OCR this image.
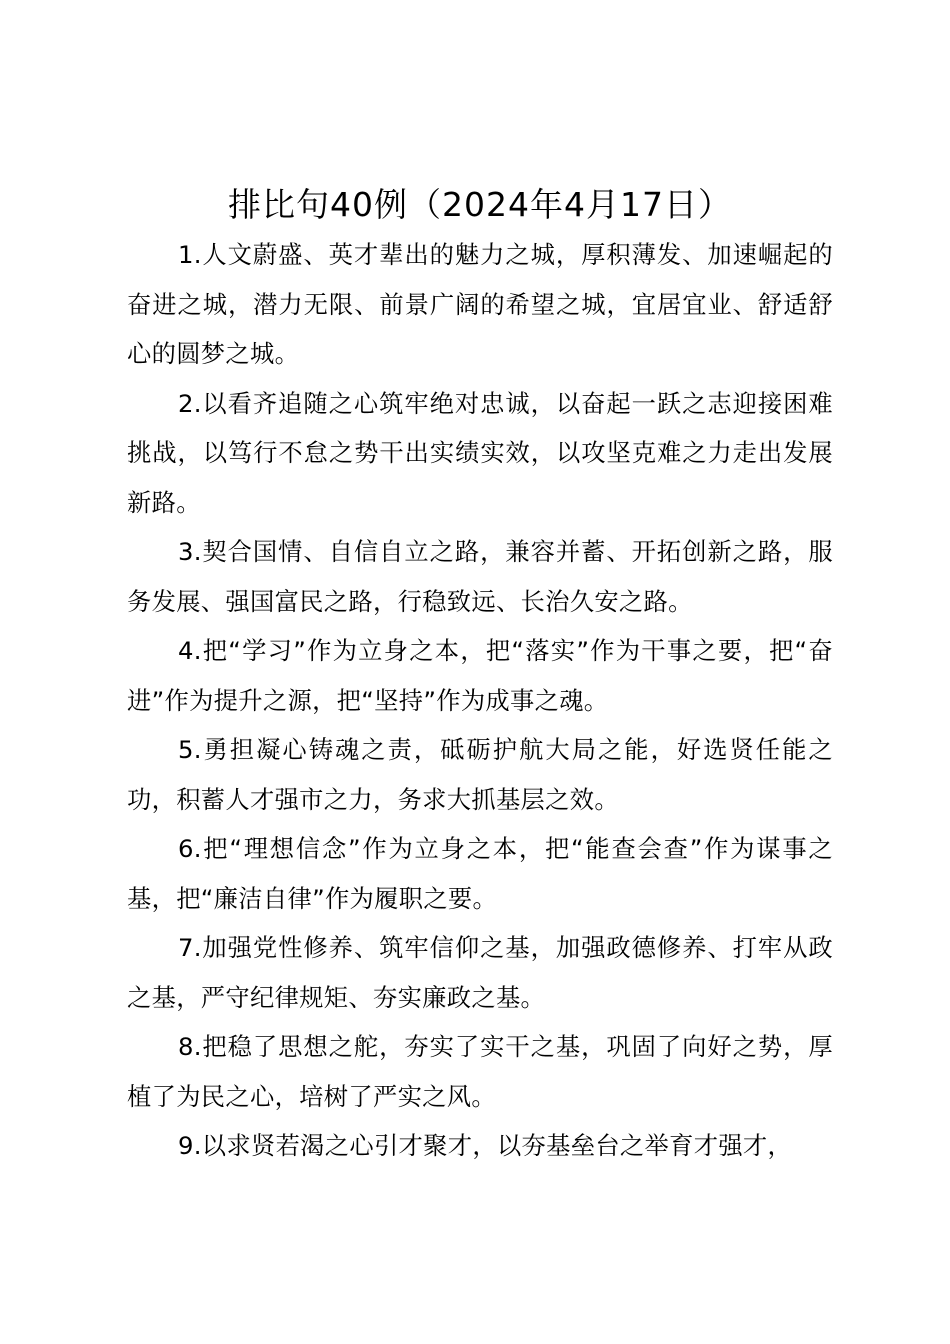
排比句40例（2024年4月17日）

1.人文蔚盛、英才辈出的魅力之城，厚积薄发、加速崛起的奋进之城，潜力无限、前景广阔的希望之城，宜居宜业、舒适舒心的圆梦之城。

2.以看齐追随之心筑牢绝对忠诚，以奋起一跃之志迎接困难挑战，以笃行不怠之势干出实绩实效，以攻坚克难之力走出发展新路。

3.契合国情、自信自立之路，兼容并蓄、开拓创新之路，服务发展、强国富民之路，行稳致远、长治久安之路。

4.把“学习”作为立身之本，把“落实”作为干事之要，把“奋进”作为提升之源，把“坚持”作为成事之魂。

5.勇担凝心铸魂之责，砥砺护航大局之能，好选贤任能之功，积蓄人才强市之力，务求大抓基层之效。

6.把“理想信念”作为立身之本，把“能查会查”作为谋事之基，把“廉洁自律”作为履职之要。

7.加强党性修养、筑牢信仰之基，加强政德修养、打牢从政之基，严守纪律规矩、夯实廉政之基。

8.把稳了思想之舵，夯实了实干之基，巩固了向好之势，厚植了为民之心，培树了严实之风。

9.以求贤若渴之心引才聚才，以夯基垒台之举育才强才，
